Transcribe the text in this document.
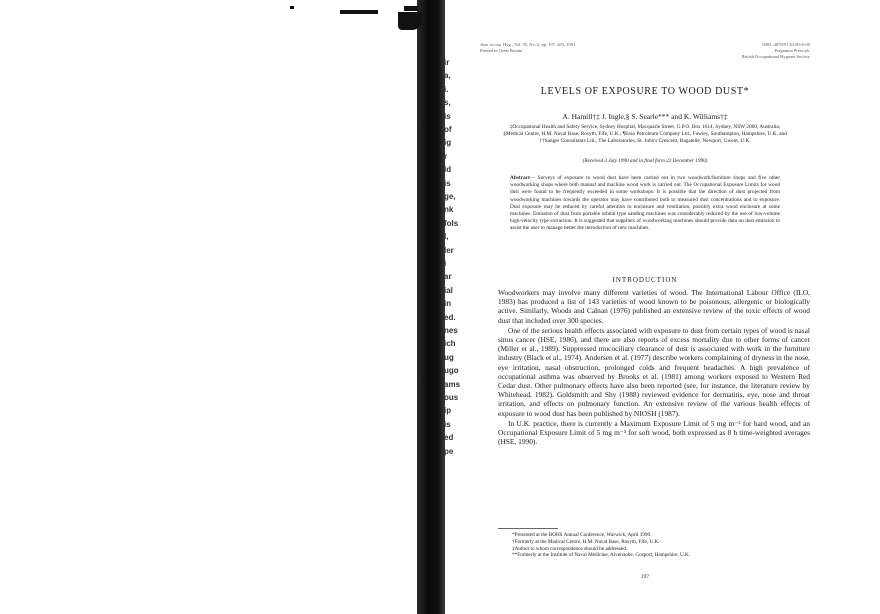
ir
a,
i.
s,
is
of
ig
r
ld
is
ge,
nk
fols
l,
ler
i
ar
ial
in
ed.
nes
ich
ug
ugo
ams
ous
ip
is
ed
pe
Ann. occup. Hyg., Vol. 35, No. 2, pp. 197–203, 1991
Printed in Great Britain
0003–4878/91 $3.00+0.00
Pergamon Press plc
British Occupational Hygiene Society
LEVELS OF EXPOSURE TO WOOD DUST*
A. Hamill†‡ J. Ingle,§ S. Searle*** and K. Williams†‡
‡Occupational Health and Safety Service, Sydney Hospital, Macquarie Street, G.P.O. Box 1614, Sydney, NSW 2000, Australia; §Medical Centre, H.M. Naval Base, Rosyth, Fife, U.K.; ¶Esso Petroleum Company Ltd., Fawley, Southampton, Hampshire, U.K. and ††Sanger Consultants Ltd., The Laboratories, St. John's Crescent, Bagatelle, Newport, Gwent, U.K.
(Received 3 July 1990 and in final form 22 December 1990)
Abstract— Surveys of exposure to wood dust have been carried out in two woodwork/furniture shops and five other woodworking shops where both manual and machine wood work is carried out. The Occupational Exposure Limits for wood dust were found to be frequently exceeded in some workshops. It is possible that the direction of dust projected from woodworking machines towards the operator may have contributed both to measured dust concentrations and to exposure. Dust exposure may be reduced by careful attention to enclosure and ventilation, possibly extra wood enclosure at some machines. Emission of dust from portable orbital type sanding machines was considerably reduced by the use of low-volume high-velocity type extraction. It is suggested that suppliers of woodworking machines should provide data on dust emission to assist the user to manage better the introduction of new machines.
INTRODUCTION

Woodworkers may involve many different varieties of wood. The International Labour Office (ILO, 1983) has produced a list of 143 varieties of wood known to be poisonous, allergenic or biologically active. Similarly, Woods and Calnan (1976) published an extensive review of the toxic effects of wood dust that included over 300 species.

One of the serious health effects associated with exposure to dust from certain types of wood is nasal sinus cancer (HSE, 1986), and there are also reports of excess mortality due to other forms of cancer (Miller et al., 1989). Suppressed mucociliary clearance of dust is associated with work in the furniture industry (Black et al., 1974). Andersen et al. (1977) describe workers complaining of dryness in the nose, eye irritation, nasal obstruction, prolonged colds and frequent headaches. A high prevalence of occupational asthma was observed by Brooks et al. (1981) among workers exposed to Western Red Cedar dust. Other pulmonary effects have also been reported (see, for instance, the literature review by Whitehead, 1982). Goldsmith and Shy (1988) reviewed evidence for dermatitis, eye, nose and throat irritation, and effects on pulmonary function. An extensive review of the various health effects of exposure to wood dust has been published by NIOSH (1987).

In U.K. practice, there is currently a Maximum Exposure Limit of 5 mg m⁻³ for hard wood, and an Occupational Exposure Limit of 5 mg m⁻³ for soft wood, both expressed as 8 h time-weighted averages (HSE, 1990).

*Presented at the BOHS Annual Conference, Warwick, April 1990.
†Formerly at the Medical Centre, H.M. Naval Base, Rosyth, Fife, U.K.
‡Author to whom correspondence should be addressed.
**Formerly at the Institute of Naval Medicine, Alverstoke, Gosport, Hampshire, U.K.
197
